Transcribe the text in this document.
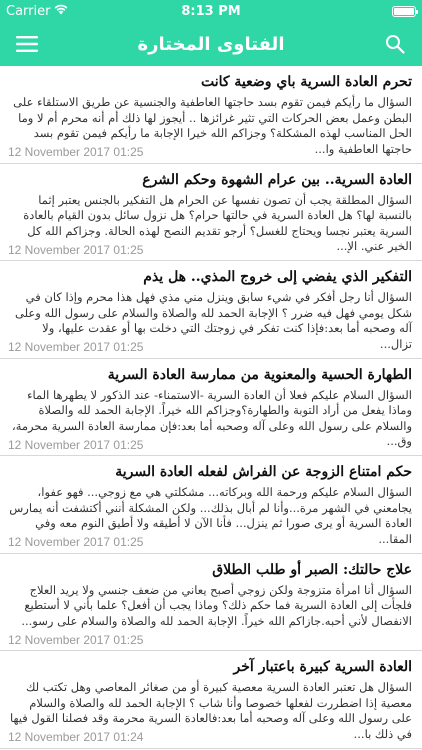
Carrier	8:13 PM
الفتاوى المختارة
تحرم العادة السرية باي وضعية كانت
السؤال ما رأيكم فيمن تقوم بسد حاجتها العاطفية والجنسية عن طريق الاستلقاء على البطن وعمل بعض الحركات التي تثير غرائزها .. أيجوز لها ذلك أم أنه محرم أم لا وما الحل المناسب لهذه المشكلة؟ وجزاكم الله خيرا الإجابة ما رأيكم فيمن تقوم بسد حاجتها العاطفية وا...
12 November 2017 01:25
العادة السرية.. بين عرام الشهوة وحكم الشرع
السؤال المطلقة يجب أن تصون نفسها عن الحرام هل التفكير بالجنس يعتبر إثما بالنسبة لها؟ هل العادة السرية في حالتها حرام؟ هل نزول سائل بدون القيام بالعادة السرية يعتبر نجسا ويحتاج للغسل؟ أرجو تقديم النصح لهذه الحالة. وجزاكم الله كل الخير عني. الإ...
12 November 2017 01:25
التفكير الذي يفضي إلى خروج المذي.. هل يذم
السؤال أنا رجل أفكر في شيء سابق وينزل مني مذي فهل هذا محرم وإذا كان في شكل يومي فهل فيه ضرر ؟ الإجابة الحمد لله والصلاة والسلام على رسول الله وعلى آله وصحبه أما بعد:فإذا كنت تفكر في زوجتك التي دخلت بها أو عقدت عليها، ولا تزال...
12 November 2017 01:25
الطهارة الحسية والمعنوية من ممارسة العادة السرية
السؤال السلام عليكم فعلا أن العادة السرية -الاستمناء- عند الذكور لا يطهرها الماء وماذا يفعل من أراد التوبة والطهارة؟وجزاكم الله خيراً. الإجابة الحمد لله والصلاة والسلام على رسول الله وعلى آله وصحبه أما بعد:فإن ممارسة العادة السرية محرمة، وق...
12 November 2017 01:25
حكم امتناع الزوجة عن الفراش لفعله العادة السرية
السؤال السلام عليكم ورحمة الله وبركاته... مشكلتي هي مع زوجي... فهو عفوا، يجامعني في الشهر مرة...وأنا لم أبال بذلك... ولكن المشكلة أنني أكتشفت أنه يمارس العادة السرية أو يرى صورا ثم ينزل... فأنا الآن لا أطيقه ولا أطيق النوم معه وفي المقا...
12 November 2017 01:25
علاج حالتك: الصبر أو طلب الطلاق
السؤال أنا امرأة متزوجة ولكن زوجي أصبح يعاني من ضعف جنسي ولا يريد العلاج فلجأت إلى العادة السرية فما حكم ذلك؟ وماذا يجب أن أفعل؟ علما بأني لا أستطيع الانفصال لأني أحبه.جازاكم الله خيراً. الإجابة الحمد لله والصلاة والسلام على رسو...
12 November 2017 01:25
العادة السرية كبيرة باعتبار آخر
السؤال هل تعتبر العادة السرية معصية كبيرة أو من صغائر المعاصي وهل تكتب لك معصية إذا اضطررت لفعلها خصوصا وأنا شاب ؟ الإجابة الحمد لله والصلاة والسلام على رسول الله وعلى آله وصحبه أما بعد:فالعادة السرية محرمة وقد فصلنا القول فيها في ذلك با...
12 November 2017 01:24
